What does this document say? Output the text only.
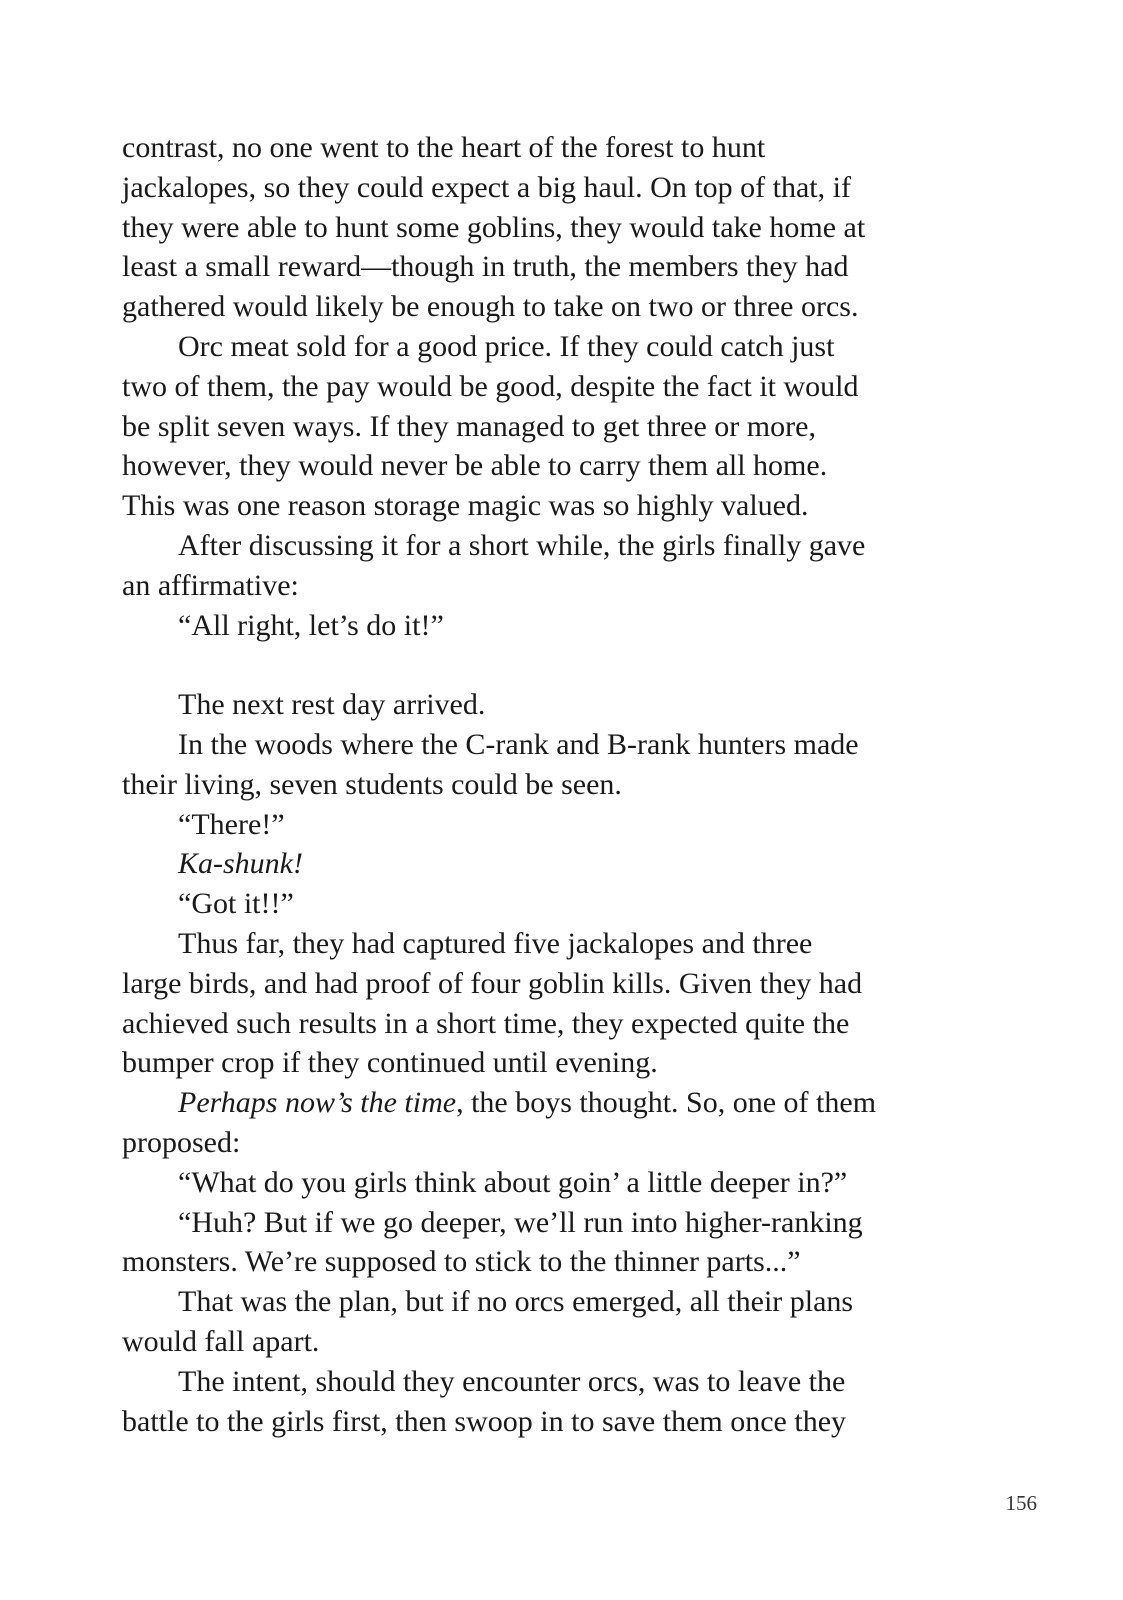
contrast, no one went to the heart of the forest to hunt
jackalopes, so they could expect a big haul. On top of that, if
they were able to hunt some goblins, they would take home at
least a small reward—though in truth, the members they had
gathered would likely be enough to take on two or three orcs.
Orc meat sold for a good price. If they could catch just
two of them, the pay would be good, despite the fact it would
be split seven ways. If they managed to get three or more,
however, they would never be able to carry them all home.
This was one reason storage magic was so highly valued.
After discussing it for a short while, the girls finally gave
an affirmative:
“All right, let’s do it!”
The next rest day arrived.
In the woods where the C-rank and B-rank hunters made
their living, seven students could be seen.
“There!”
Ka-shunk!
“Got it!!”
Thus far, they had captured five jackalopes and three
large birds, and had proof of four goblin kills. Given they had
achieved such results in a short time, they expected quite the
bumper crop if they continued until evening.
Perhaps now’s the time, the boys thought. So, one of them
proposed:
“What do you girls think about goin’ a little deeper in?”
“Huh? But if we go deeper, we’ll run into higher-ranking
monsters. We’re supposed to stick to the thinner parts...”
That was the plan, but if no orcs emerged, all their plans
would fall apart.
The intent, should they encounter orcs, was to leave the
battle to the girls first, then swoop in to save them once they
156
